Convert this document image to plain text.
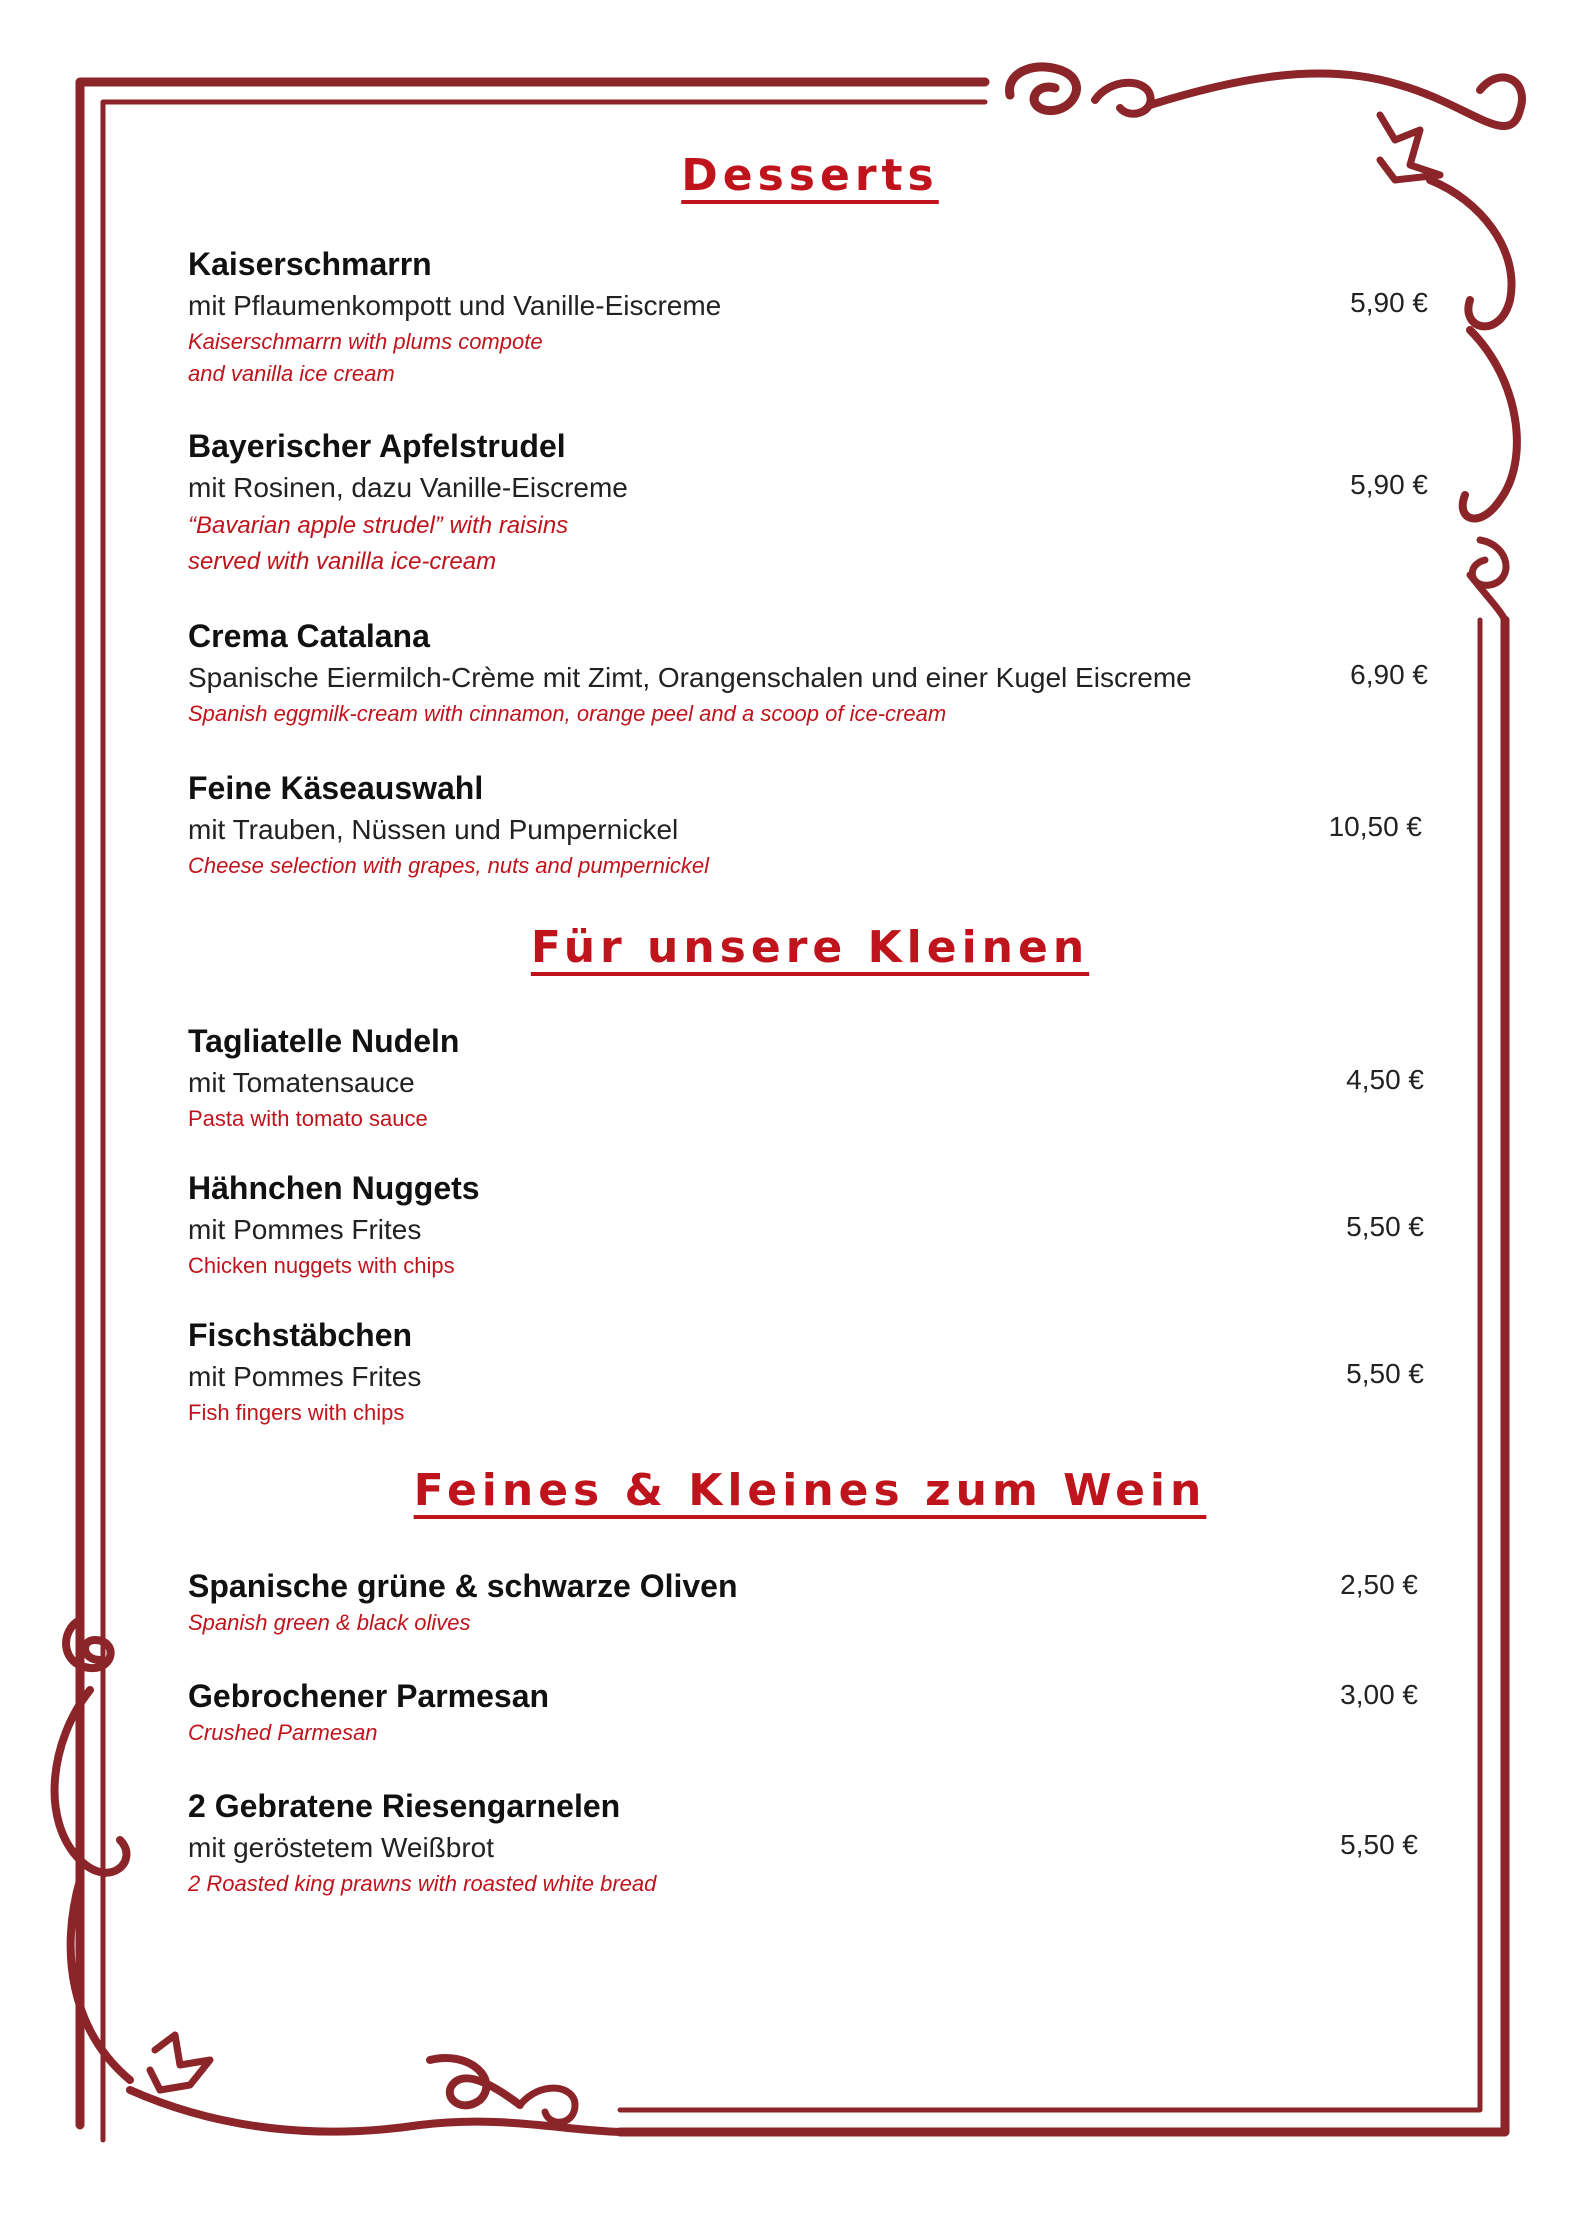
Desserts
Für unsere Kleinen
Feines & Kleines zum Wein
Kaiserschmarrn
mit Pflaumenkompott und Vanille-Eiscreme	5,90 €
Kaiserschmarrn with plums compote
and vanilla ice cream
Bayerischer Apfelstrudel
mit Rosinen, dazu Vanille-Eiscreme	5,90 €
“Bavarian apple strudel” with raisins
served with vanilla ice-cream
Crema Catalana
Spanische Eiermilch-Crème mit Zimt, Orangenschalen und einer Kugel Eiscreme	6,90 €
Spanish eggmilk-cream with cinnamon, orange peel and a scoop of ice-cream
Feine Käseauswahl
mit Trauben, Nüssen und Pumpernickel	10,50 €
Cheese selection with grapes, nuts and pumpernickel
Tagliatelle Nudeln
mit Tomatensauce	4,50 €
Pasta with tomato sauce
Hähnchen Nuggets
mit Pommes Frites	5,50 €
Chicken nuggets with chips
Fischstäbchen
mit Pommes Frites	5,50 €
Fish fingers with chips
Spanische grüne & schwarze Oliven	2,50 €
Spanish green & black olives
Gebrochener Parmesan	3,00 €
Crushed Parmesan
2 Gebratene Riesengarnelen
mit geröstetem Weißbrot	5,50 €
2 Roasted king prawns with roasted white bread
